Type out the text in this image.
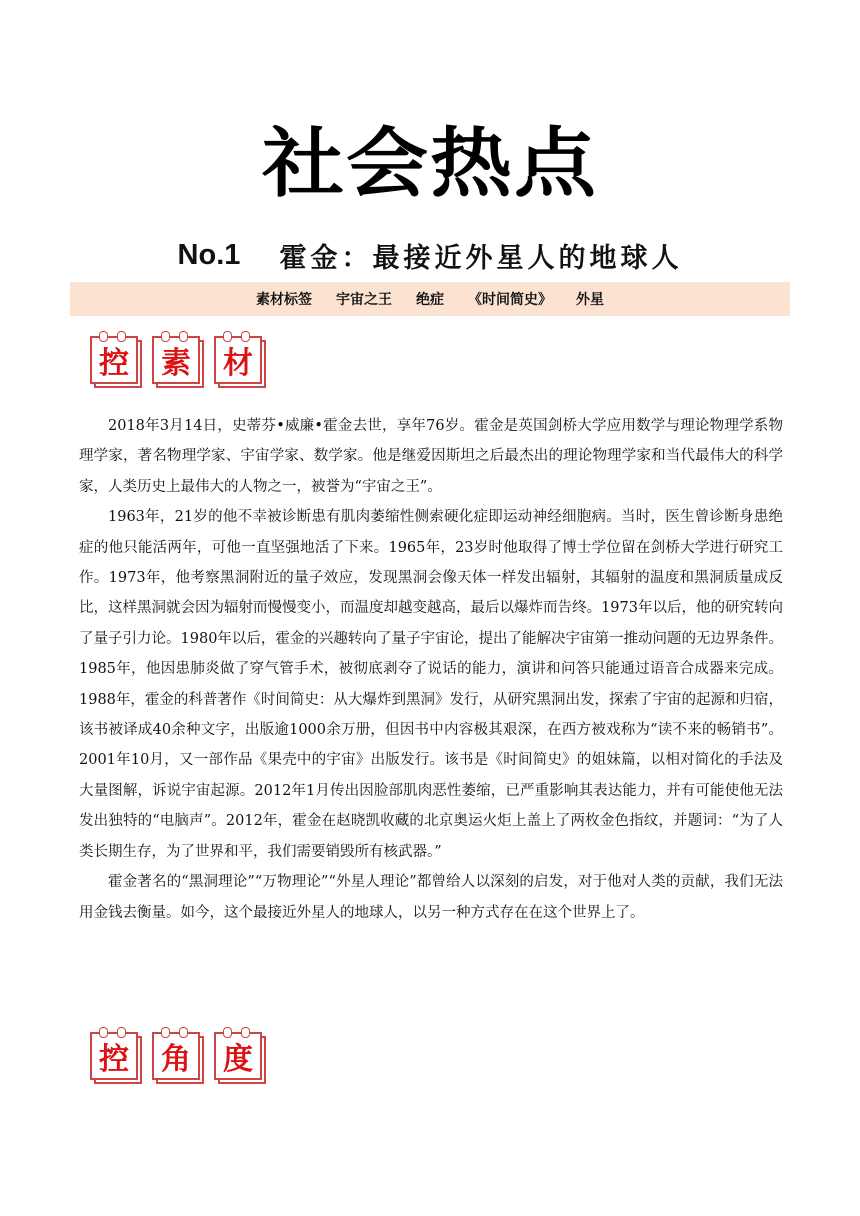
社会热点
No.1 霍金：最接近外星人的地球人
素材标签 宇宙之王 绝症 《时间简史》 外星
控	素	材

2018年3月14日，史蒂芬•威廉•霍金去世，享年76岁。霍金是英国剑桥大学应用数学与理论物理学系物理学家，著名物理学家、宇宙学家、数学家。他是继爱因斯坦之后最杰出的理论物理学家和当代最伟大的科学家，人类历史上最伟大的人物之一，被誉为“宇宙之王”。

1963年，21岁的他不幸被诊断患有肌肉萎缩性侧索硬化症即运动神经细胞病。当时，医生曾诊断身患绝症的他只能活两年，可他一直坚强地活了下来。1965年，23岁时他取得了博士学位留在剑桥大学进行研究工作。1973年，他考察黑洞附近的量子效应，发现黑洞会像天体一样发出辐射，其辐射的温度和黑洞质量成反比，这样黑洞就会因为辐射而慢慢变小，而温度却越变越高，最后以爆炸而告终。1973年以后，他的研究转向了量子引力论。1980年以后，霍金的兴趣转向了量子宇宙论，提出了能解决宇宙第一推动问题的无边界条件。1985年，他因患肺炎做了穿气管手术，被彻底剥夺了说话的能力，演讲和问答只能通过语音合成器来完成。1988年，霍金的科普著作《时间简史：从大爆炸到黑洞》发行，从研究黑洞出发，探索了宇宙的起源和归宿，该书被译成40余种文字，出版逾1000余万册，但因书中内容极其艰深，在西方被戏称为“读不来的畅销书”。2001年10月，又一部作品《果壳中的宇宙》出版发行。该书是《时间简史》的姐妹篇，以相对简化的手法及大量图解，诉说宇宙起源。2012年1月传出因脸部肌肉恶性萎缩，已严重影响其表达能力，并有可能使他无法发出独特的“电脑声”。2012年，霍金在赵晓凯收藏的北京奥运火炬上盖上了两枚金色指纹，并题词：“为了人类长期生存，为了世界和平，我们需要销毁所有核武器。”

霍金著名的“黑洞理论”“万物理论”“外星人理论”都曾给人以深刻的启发，对于他对人类的贡献，我们无法用金钱去衡量。如今，这个最接近外星人的地球人，以另一种方式存在在这个世界上了。

控	角	度
